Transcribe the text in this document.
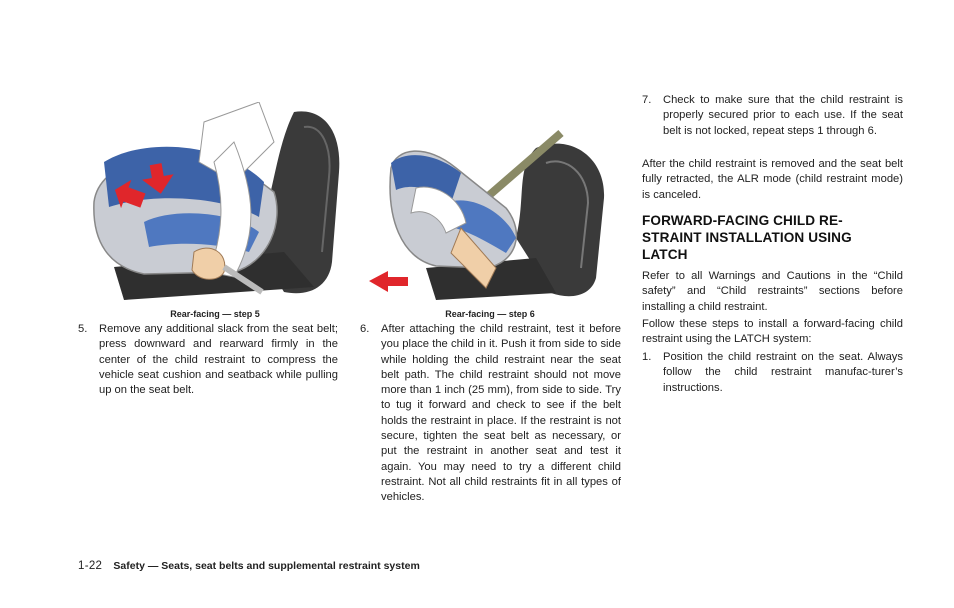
Rear-facing — step 5	Rear-facing — step 6
5. Remove any additional slack from the seat belt; press downward and rearward firmly in the center of the child restraint to compress the vehicle seat cushion and seatback while pulling up on the seat belt.
6. After attaching the child restraint, test it before you place the child in it. Push it from side to side while holding the child restraint near the seat belt path. The child restraint should not move more than 1 inch (25 mm), from side to side. Try to tug it forward and check to see if the belt holds the restraint in place. If the restraint is not secure, tighten the seat belt as necessary, or put the restraint in another seat and test it again. You may need to try a different child restraint. Not all child restraints fit in all types of vehicles.
7. Check to make sure that the child restraint is properly secured prior to each use. If the seat belt is not locked, repeat steps 1 through 6.
After the child restraint is removed and the seat belt fully retracted, the ALR mode (child restraint mode) is canceled.
FORWARD-FACING CHILD RE-
STRAINT INSTALLATION USING
LATCH
Refer to all Warnings and Cautions in the “Child safety” and “Child restraints” sections before installing a child restraint.
Follow these steps to install a forward-facing child restraint using the LATCH system:
1. Position the child restraint on the seat. Always follow the child restraint manufac-turer’s instructions.
1-22 Safety — Seats, seat belts and supplemental restraint system
